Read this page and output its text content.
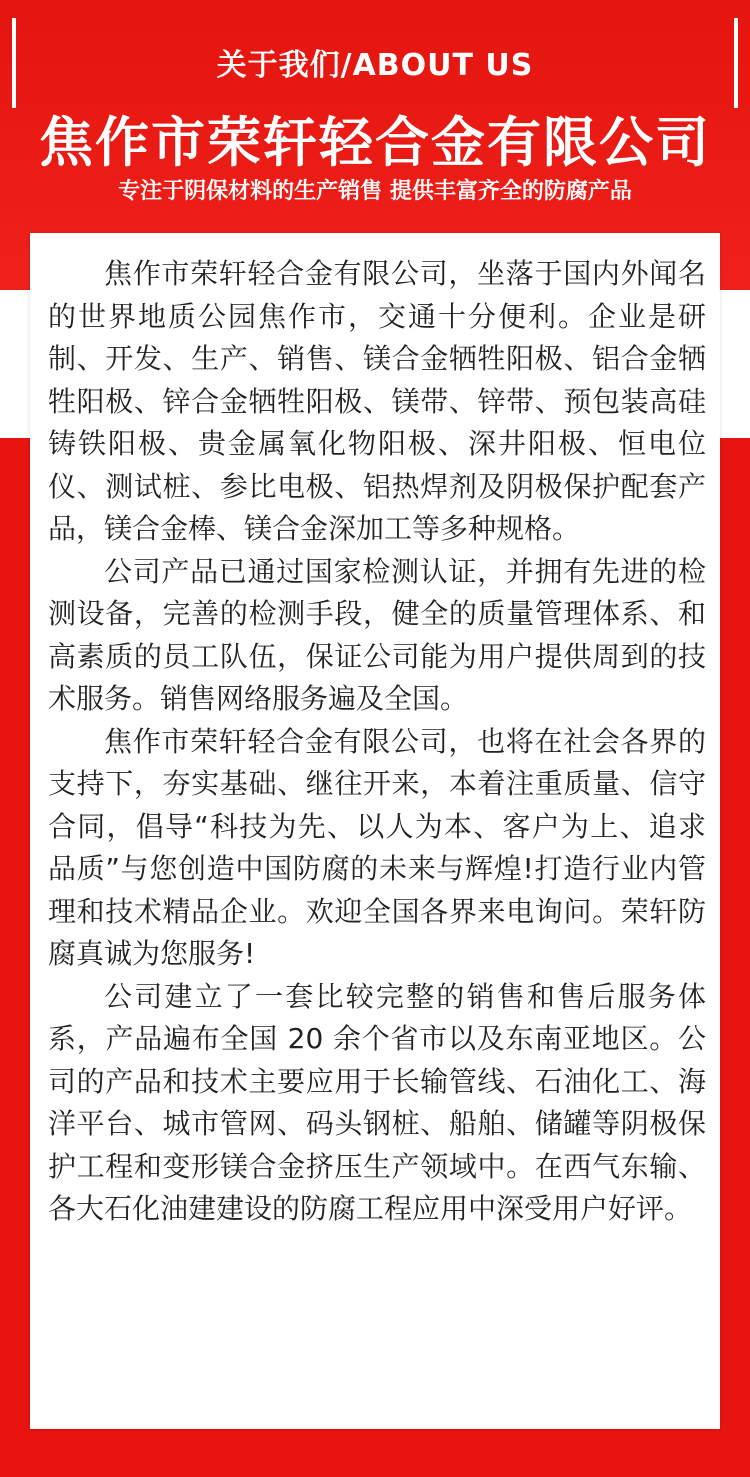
关于我们/ABOUT US
焦作市荣轩轻合金有限公司
专注于阴保材料的生产销售 提供丰富齐全的防腐产品

焦作市荣轩轻合金有限公司，坐落于国内外闻名的世界地质公园焦作市，交通十分便利。企业是研制、开发、生产、销售、镁合金牺牲阳极、铝合金牺牲阳极、锌合金牺牲阳极、镁带、锌带、预包装高硅铸铁阳极、贵金属氧化物阳极、深井阳极、恒电位仪、测试桩、参比电极、铝热焊剂及阴极保护配套产品，镁合金棒、镁合金深加工等多种规格。

公司产品已通过国家检测认证，并拥有先进的检测设备，完善的检测手段，健全的质量管理体系、和高素质的员工队伍，保证公司能为用户提供周到的技术服务。销售网络服务遍及全国。

焦作市荣轩轻合金有限公司，也将在社会各界的支持下，夯实基础、继往开来，本着注重质量、信守合同，倡导“科技为先、以人为本、客户为上、追求品质”与您创造中国防腐的未来与辉煌!打造行业内管理和技术精品企业。欢迎全国各界来电询问。荣轩防腐真诚为您服务!

公司建立了一套比较完整的销售和售后服务体系，产品遍布全国 20 余个省市以及东南亚地区。公司的产品和技术主要应用于长输管线、石油化工、海洋平台、城市管网、码头钢桩、船舶、储罐等阴极保护工程和变形镁合金挤压生产领域中。在西气东输、各大石化油建建设的防腐工程应用中深受用户好评。
